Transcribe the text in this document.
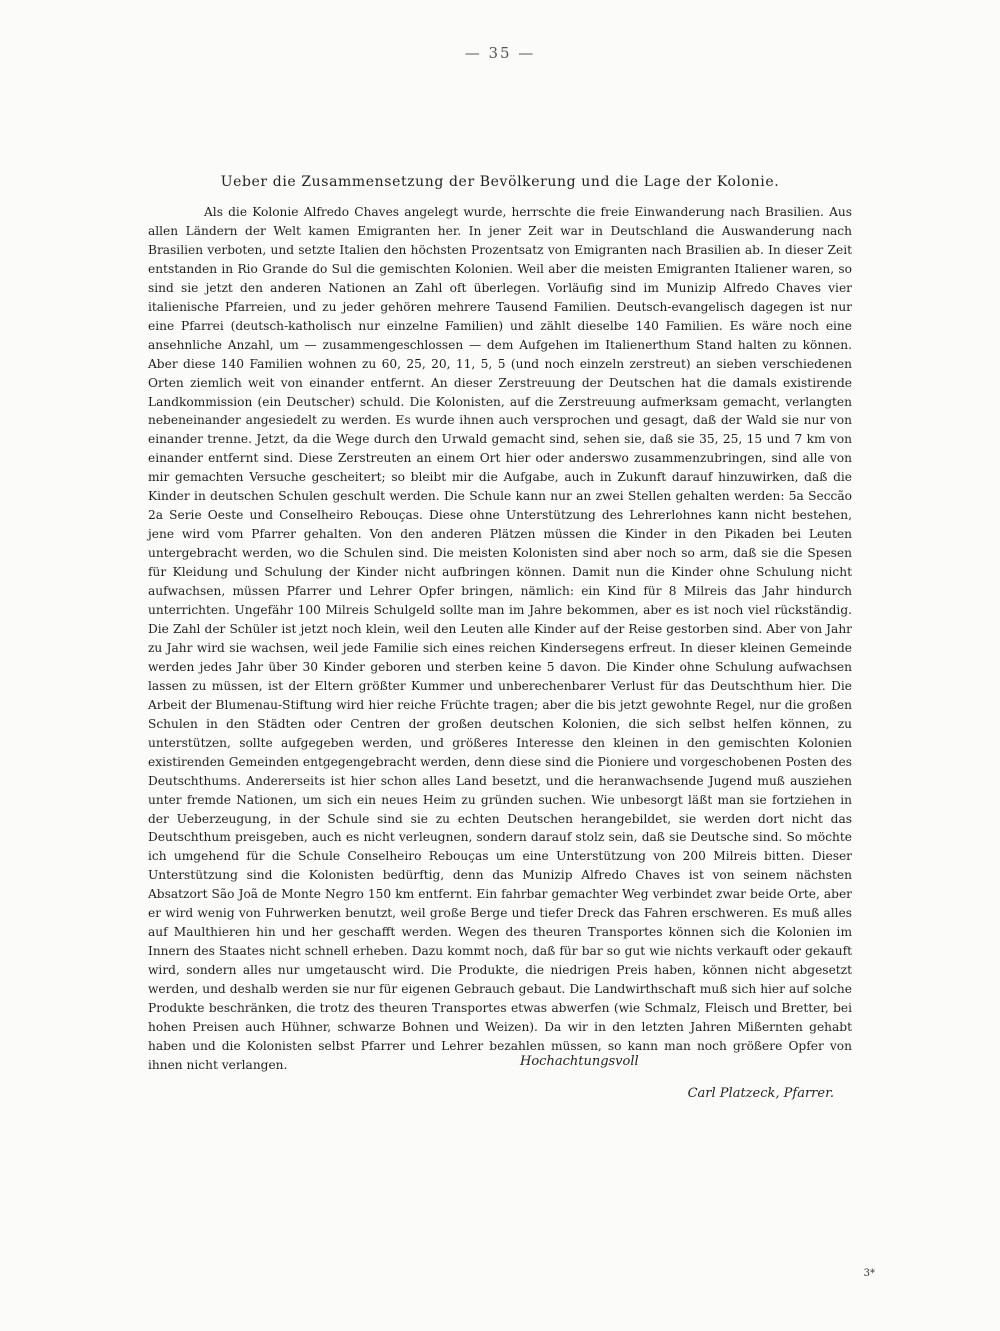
— 35 —
Ueber die Zusammensetzung der Bevölkerung und die Lage der Kolonie.

Als die Kolonie Alfredo Chaves angelegt wurde, herrschte die freie Einwanderung nach Brasilien. Aus allen Ländern der Welt kamen Emigranten her. In jener Zeit war in Deutschland die Auswanderung nach Brasilien verboten, und setzte Italien den höchsten Prozentsatz von Emigranten nach Brasilien ab. In dieser Zeit entstanden in Rio Grande do Sul die gemischten Kolonien. Weil aber die meisten Emigranten Italiener waren, so sind sie jetzt den anderen Nationen an Zahl oft überlegen. Vorläufig sind im Munizip Alfredo Chaves vier italienische Pfarreien, und zu jeder gehören mehrere Tausend Familien. Deutsch-evangelisch dagegen ist nur eine Pfarrei (deutsch-katholisch nur einzelne Familien) und zählt dieselbe 140 Familien. Es wäre noch eine ansehnliche Anzahl, um — zusammengeschlossen — dem Aufgehen im Italienerthum Stand halten zu können. Aber diese 140 Familien wohnen zu 60, 25, 20, 11, 5, 5 (und noch einzeln zerstreut) an sieben verschiedenen Orten ziemlich weit von einander entfernt. An dieser Zerstreuung der Deutschen hat die damals existirende Landkommission (ein Deutscher) schuld. Die Kolonisten, auf die Zerstreuung aufmerksam gemacht, verlangten nebeneinander angesiedelt zu werden. Es wurde ihnen auch versprochen und gesagt, daß der Wald sie nur von einander trenne. Jetzt, da die Wege durch den Urwald gemacht sind, sehen sie, daß sie 35, 25, 15 und 7 km von einander entfernt sind. Diese Zerstreuten an einem Ort hier oder anderswo zusammenzubringen, sind alle von mir gemachten Versuche gescheitert; so bleibt mir die Aufgabe, auch in Zukunft darauf hinzuwirken, daß die Kinder in deutschen Schulen geschult werden. Die Schule kann nur an zwei Stellen gehalten werden: 5a Seccão 2a Serie Oeste und Conselheiro Rebouças. Diese ohne Unterstützung des Lehrerlohnes kann nicht bestehen, jene wird vom Pfarrer gehalten. Von den anderen Plätzen müssen die Kinder in den Pikaden bei Leuten untergebracht werden, wo die Schulen sind. Die meisten Kolonisten sind aber noch so arm, daß sie die Spesen für Kleidung und Schulung der Kinder nicht aufbringen können. Damit nun die Kinder ohne Schulung nicht aufwachsen, müssen Pfarrer und Lehrer Opfer bringen, nämlich: ein Kind für 8 Milreis das Jahr hindurch unterrichten. Ungefähr 100 Milreis Schulgeld sollte man im Jahre bekommen, aber es ist noch viel rückständig. Die Zahl der Schüler ist jetzt noch klein, weil den Leuten alle Kinder auf der Reise gestorben sind. Aber von Jahr zu Jahr wird sie wachsen, weil jede Familie sich eines reichen Kindersegens erfreut. In dieser kleinen Gemeinde werden jedes Jahr über 30 Kinder geboren und sterben keine 5 davon. Die Kinder ohne Schulung aufwachsen lassen zu müssen, ist der Eltern größter Kummer und unberechenbarer Verlust für das Deutschthum hier. Die Arbeit der Blumenau-Stiftung wird hier reiche Früchte tragen; aber die bis jetzt gewohnte Regel, nur die großen Schulen in den Städten oder Centren der großen deutschen Kolonien, die sich selbst helfen können, zu unterstützen, sollte aufgegeben werden, und größeres Interesse den kleinen in den gemischten Kolonien existirenden Gemeinden entgegengebracht werden, denn diese sind die Pioniere und vorgeschobenen Posten des Deutschthums. Andererseits ist hier schon alles Land besetzt, und die heranwachsende Jugend muß ausziehen unter fremde Nationen, um sich ein neues Heim zu gründen suchen. Wie unbesorgt läßt man sie fortziehen in der Ueberzeugung, in der Schule sind sie zu echten Deutschen herangebildet, sie werden dort nicht das Deutschthum preisgeben, auch es nicht verleugnen, sondern darauf stolz sein, daß sie Deutsche sind. So möchte ich umgehend für die Schule Conselheiro Rebouças um eine Unterstützung von 200 Milreis bitten. Dieser Unterstützung sind die Kolonisten bedürftig, denn das Munizip Alfredo Chaves ist von seinem nächsten Absatzort São Joã de Monte Negro 150 km entfernt. Ein fahrbar gemachter Weg verbindet zwar beide Orte, aber er wird wenig von Fuhrwerken benutzt, weil große Berge und tiefer Dreck das Fahren erschweren. Es muß alles auf Maulthieren hin und her geschafft werden. Wegen des theuren Transportes können sich die Kolonien im Innern des Staates nicht schnell erheben. Dazu kommt noch, daß für bar so gut wie nichts verkauft oder gekauft wird, sondern alles nur umgetauscht wird. Die Produkte, die niedrigen Preis haben, können nicht abgesetzt werden, und deshalb werden sie nur für eigenen Gebrauch gebaut. Die Landwirthschaft muß sich hier auf solche Produkte beschränken, die trotz des theuren Transportes etwas abwerfen (wie Schmalz, Fleisch und Bretter, bei hohen Preisen auch Hühner, schwarze Bohnen und Weizen). Da wir in den letzten Jahren Mißernten gehabt haben und die Kolonisten selbst Pfarrer und Lehrer bezahlen müssen, so kann man noch größere Opfer von ihnen nicht verlangen.	Hochachtungsvoll
Carl Platzeck, Pfarrer.
3*
